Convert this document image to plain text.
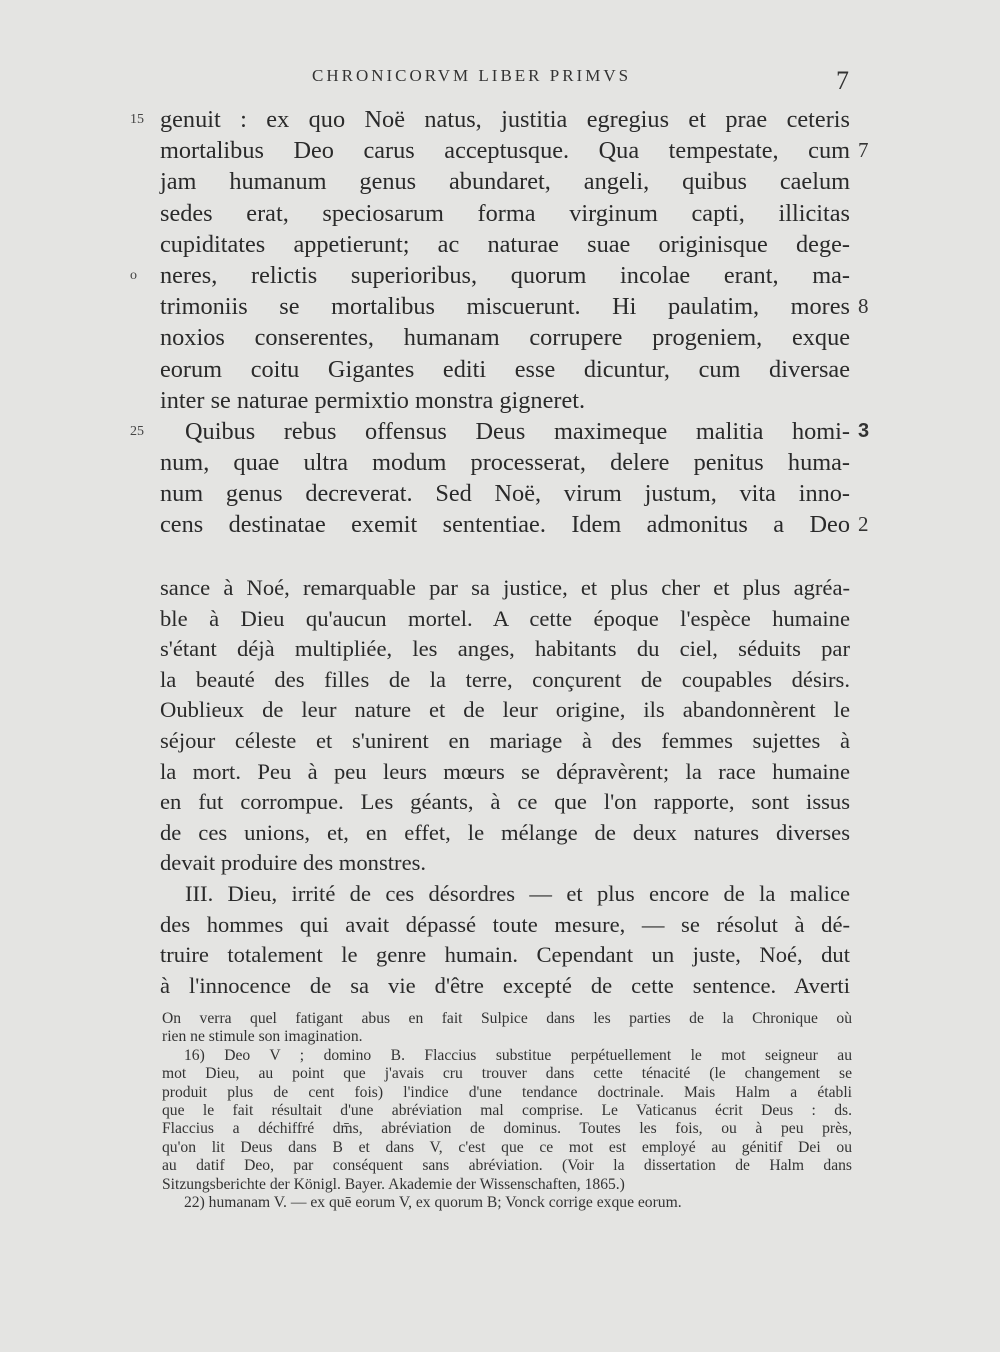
CHRONICORVM LIBER PRIMVS	7
genuit : ex quo Noë natus, justitia egregius et prae ceteris
15
mortalibus Deo carus acceptusque. Qua tempestate, cum 7
jam humanum genus abundaret, angeli, quibus caelum
sedes erat, speciosarum forma virginum capti, illicitas
cupiditates appetierunt; ac naturae suae originisque dege-
neres, relictis superioribus, quorum incolae erant, ma-
o
trimoniis se mortalibus miscuerunt. Hi paulatim, mores 8
noxios conserentes, humanam corrupere progeniem, exque
eorum coitu Gigantes editi esse dicuntur, cum diversae
inter se naturae permixtio monstra gigneret.
Quibus rebus offensus Deus maximeque malitia homi-
25	3
num, quae ultra modum processerat, delere penitus huma-
num genus decreverat. Sed Noë, virum justum, vita inno-
cens destinatae exemit sententiae. Idem admonitus a Deo 2
sance à Noé, remarquable par sa justice, et plus cher et plus agréa-
ble à Dieu qu'aucun mortel. A cette époque l'espèce humaine
s'étant déjà multipliée, les anges, habitants du ciel, séduits par
la beauté des filles de la terre, conçurent de coupables désirs.
Oublieux de leur nature et de leur origine, ils abandonnèrent le
séjour céleste et s'unirent en mariage à des femmes sujettes à
la mort. Peu à peu leurs mœurs se dépravèrent; la race humaine
en fut corrompue. Les géants, à ce que l'on rapporte, sont issus
de ces unions, et, en effet, le mélange de deux natures diverses
devait produire des monstres.
III. Dieu, irrité de ces désordres — et plus encore de la malice
des hommes qui avait dépassé toute mesure, — se résolut à dé-
truire totalement le genre humain. Cependant un juste, Noé, dut
à l'innocence de sa vie d'être excepté de cette sentence. Averti
On verra quel fatigant abus en fait Sulpice dans les parties de la Chronique où
rien ne stimule son imagination.
16) Deo V ; domino B. Flaccius substitue perpétuellement le mot seigneur au
mot Dieu, au point que j'avais cru trouver dans cette ténacité (le changement se
produit plus de cent fois) l'indice d'une tendance doctrinale. Mais Halm a établi
que le fait résultait d'une abréviation mal comprise. Le Vaticanus écrit Deus : ds.
Flaccius a déchiffré dm̄s, abréviation de dominus. Toutes les fois, ou à peu près,
qu'on lit Deus dans B et dans V, c'est que ce mot est employé au génitif Dei ou
au datif Deo, par conséquent sans abréviation. (Voir la dissertation de Halm dans
Sitzungsberichte der Königl. Bayer. Akademie der Wissenschaften, 1865.)
22) humanam V. — ex quē eorum V, ex quorum B; Vonck corrige exque eorum.
